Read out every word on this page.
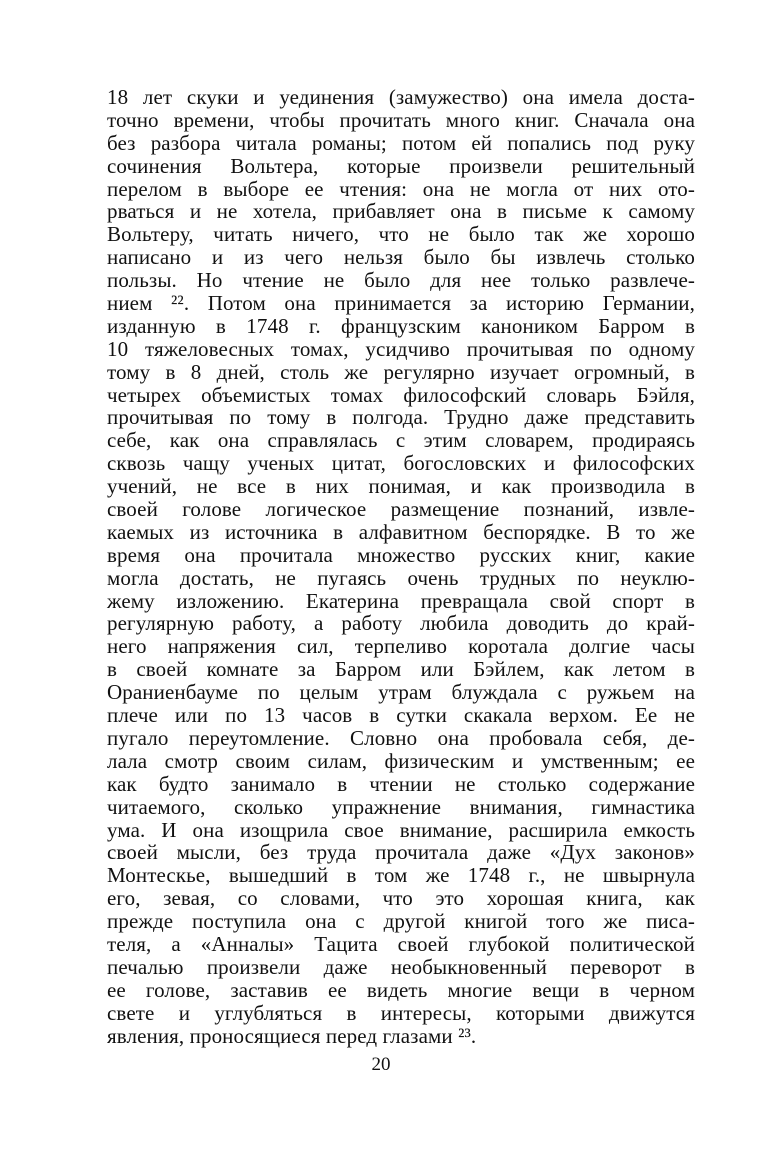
18 лет скуки и уединения (замужество) она имела доста-
точно времени, чтобы прочитать много книг. Сначала она
без разбора читала романы; потом ей попались под руку
сочинения Вольтера, которые произвели решительный
перелом в выборе ее чтения: она не могла от них ото-
рваться и не хотела, прибавляет она в письме к самому
Вольтеру, читать ничего, что не было так же хорошо
написано и из чего нельзя было бы извлечь столько
пользы. Но чтение не было для нее только развлече-
нием ²². Потом она принимается за историю Германии,
изданную в 1748 г. французским каноником Барром в
10 тяжеловесных томах, усидчиво прочитывая по одному
тому в 8 дней, столь же регулярно изучает огромный, в
четырех объемистых томах философский словарь Бэйля,
прочитывая по тому в полгода. Трудно даже представить
себе, как она справлялась с этим словарем, продираясь
сквозь чащу ученых цитат, богословских и философских
учений, не все в них понимая, и как производила в
своей голове логическое размещение познаний, извле-
каемых из источника в алфавитном беспорядке. В то же
время она прочитала множество русских книг, какие
могла достать, не пугаясь очень трудных по неуклю-
жему изложению. Екатерина превращала свой спорт в
регулярную работу, а работу любила доводить до край-
него напряжения сил, терпеливо коротала долгие часы
в своей комнате за Барром или Бэйлем, как летом в
Ораниенбауме по целым утрам блуждала с ружьем на
плече или по 13 часов в сутки скакала верхом. Ее не
пугало переутомление. Словно она пробовала себя, де-
лала смотр своим силам, физическим и умственным; ее
как будто занимало в чтении не столько содержание
читаемого, сколько упражнение внимания, гимнастика
ума. И она изощрила свое внимание, расширила емкость
своей мысли, без труда прочитала даже «Дух законов»
Монтескье, вышедший в том же 1748 г., не швырнула
его, зевая, со словами, что это хорошая книга, как
прежде поступила она с другой книгой того же писа-
теля, а «Анналы» Тацита своей глубокой политической
печалью произвели даже необыкновенный переворот в
ее голове, заставив ее видеть многие вещи в черном
свете и углубляться в интересы, которыми движутся
явления, проносящиеся перед глазами ²³.
20
